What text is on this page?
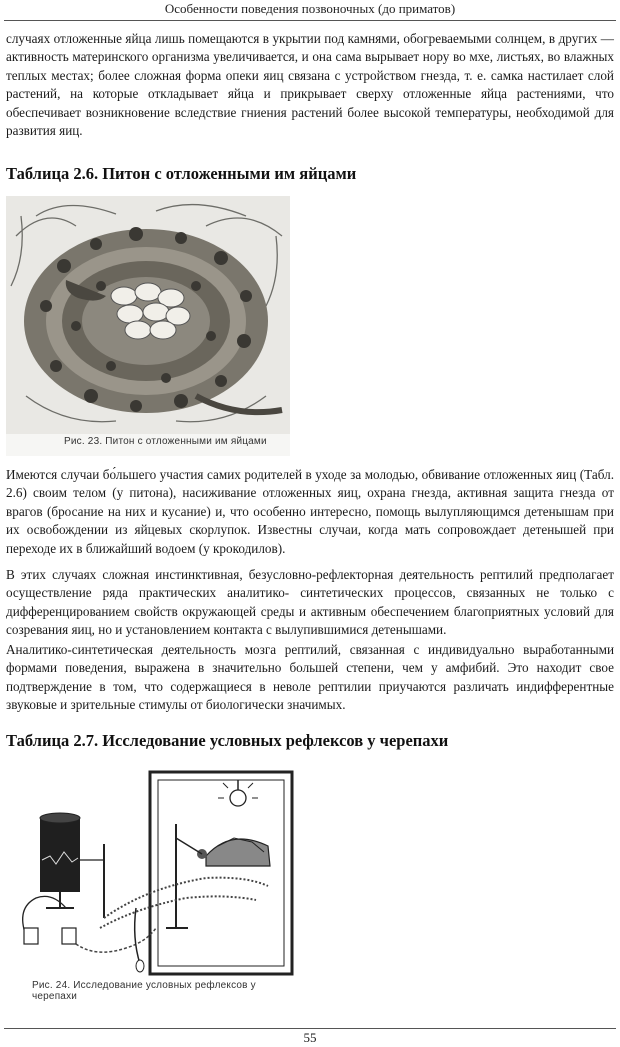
Особенности поведения позвоночных (до приматов)

случаях отложенные яйца лишь помещаются в укрытии под камнями, обогреваемыми солнцем, в других — активность материнского организма увеличивается, и она сама вырывает нору во мхе, листьях, во влажных теплых местах; более сложная форма опеки яиц связана с устройством гнезда, т. е. самка настилает слой растений, на которые откладывает яйца и прикрывает сверху отложенные яйца растениями, что обеспечивает возникновение вследствие гниения растений более высокой температуры, необходимой для развития яиц.

Таблица 2.6. Питон с отложенными им яйцами
Рис. 23. Питон с отложенными им яйцами

Имеются случаи бо́льшего участия самих родителей в уходе за молодью, обвивание отложенных яиц (Табл. 2.6) своим телом (у питона), насиживание отложенных яиц, охрана гнезда, активная защита гнезда от врагов (бросание на них и кусание) и, что особенно интересно, помощь вылупляющимся детенышам при их освобождении из яйцевых скорлупок. Известны случаи, когда мать сопровождает детенышей при переходе их в ближайший водоем (у крокодилов).

В этих случаях сложная инстинктивная, безусловно-рефлекторная деятельность рептилий предполагает осуществление ряда практических аналитико- синтетических процессов, связанных не только с дифференцированием свойств окружающей среды и активным обеспечением благоприятных условий для созревания яиц, но и установлением контакта с вылупившимися детенышами.

Аналитико-синтетическая деятельность мозга рептилий, связанная с индивидуально выработанными формами поведения, выражена в значительно большей степени, чем у амфибий. Это находит свое подтверждение в том, что содержащиеся в неволе рептилии приучаются различать индифферентные звуковые и зрительные стимулы от биологически значимых.

Таблица 2.7. Исследование условных рефлексов у черепахи
Рис. 24. Исследование условных рефлексов у черепахи
55
